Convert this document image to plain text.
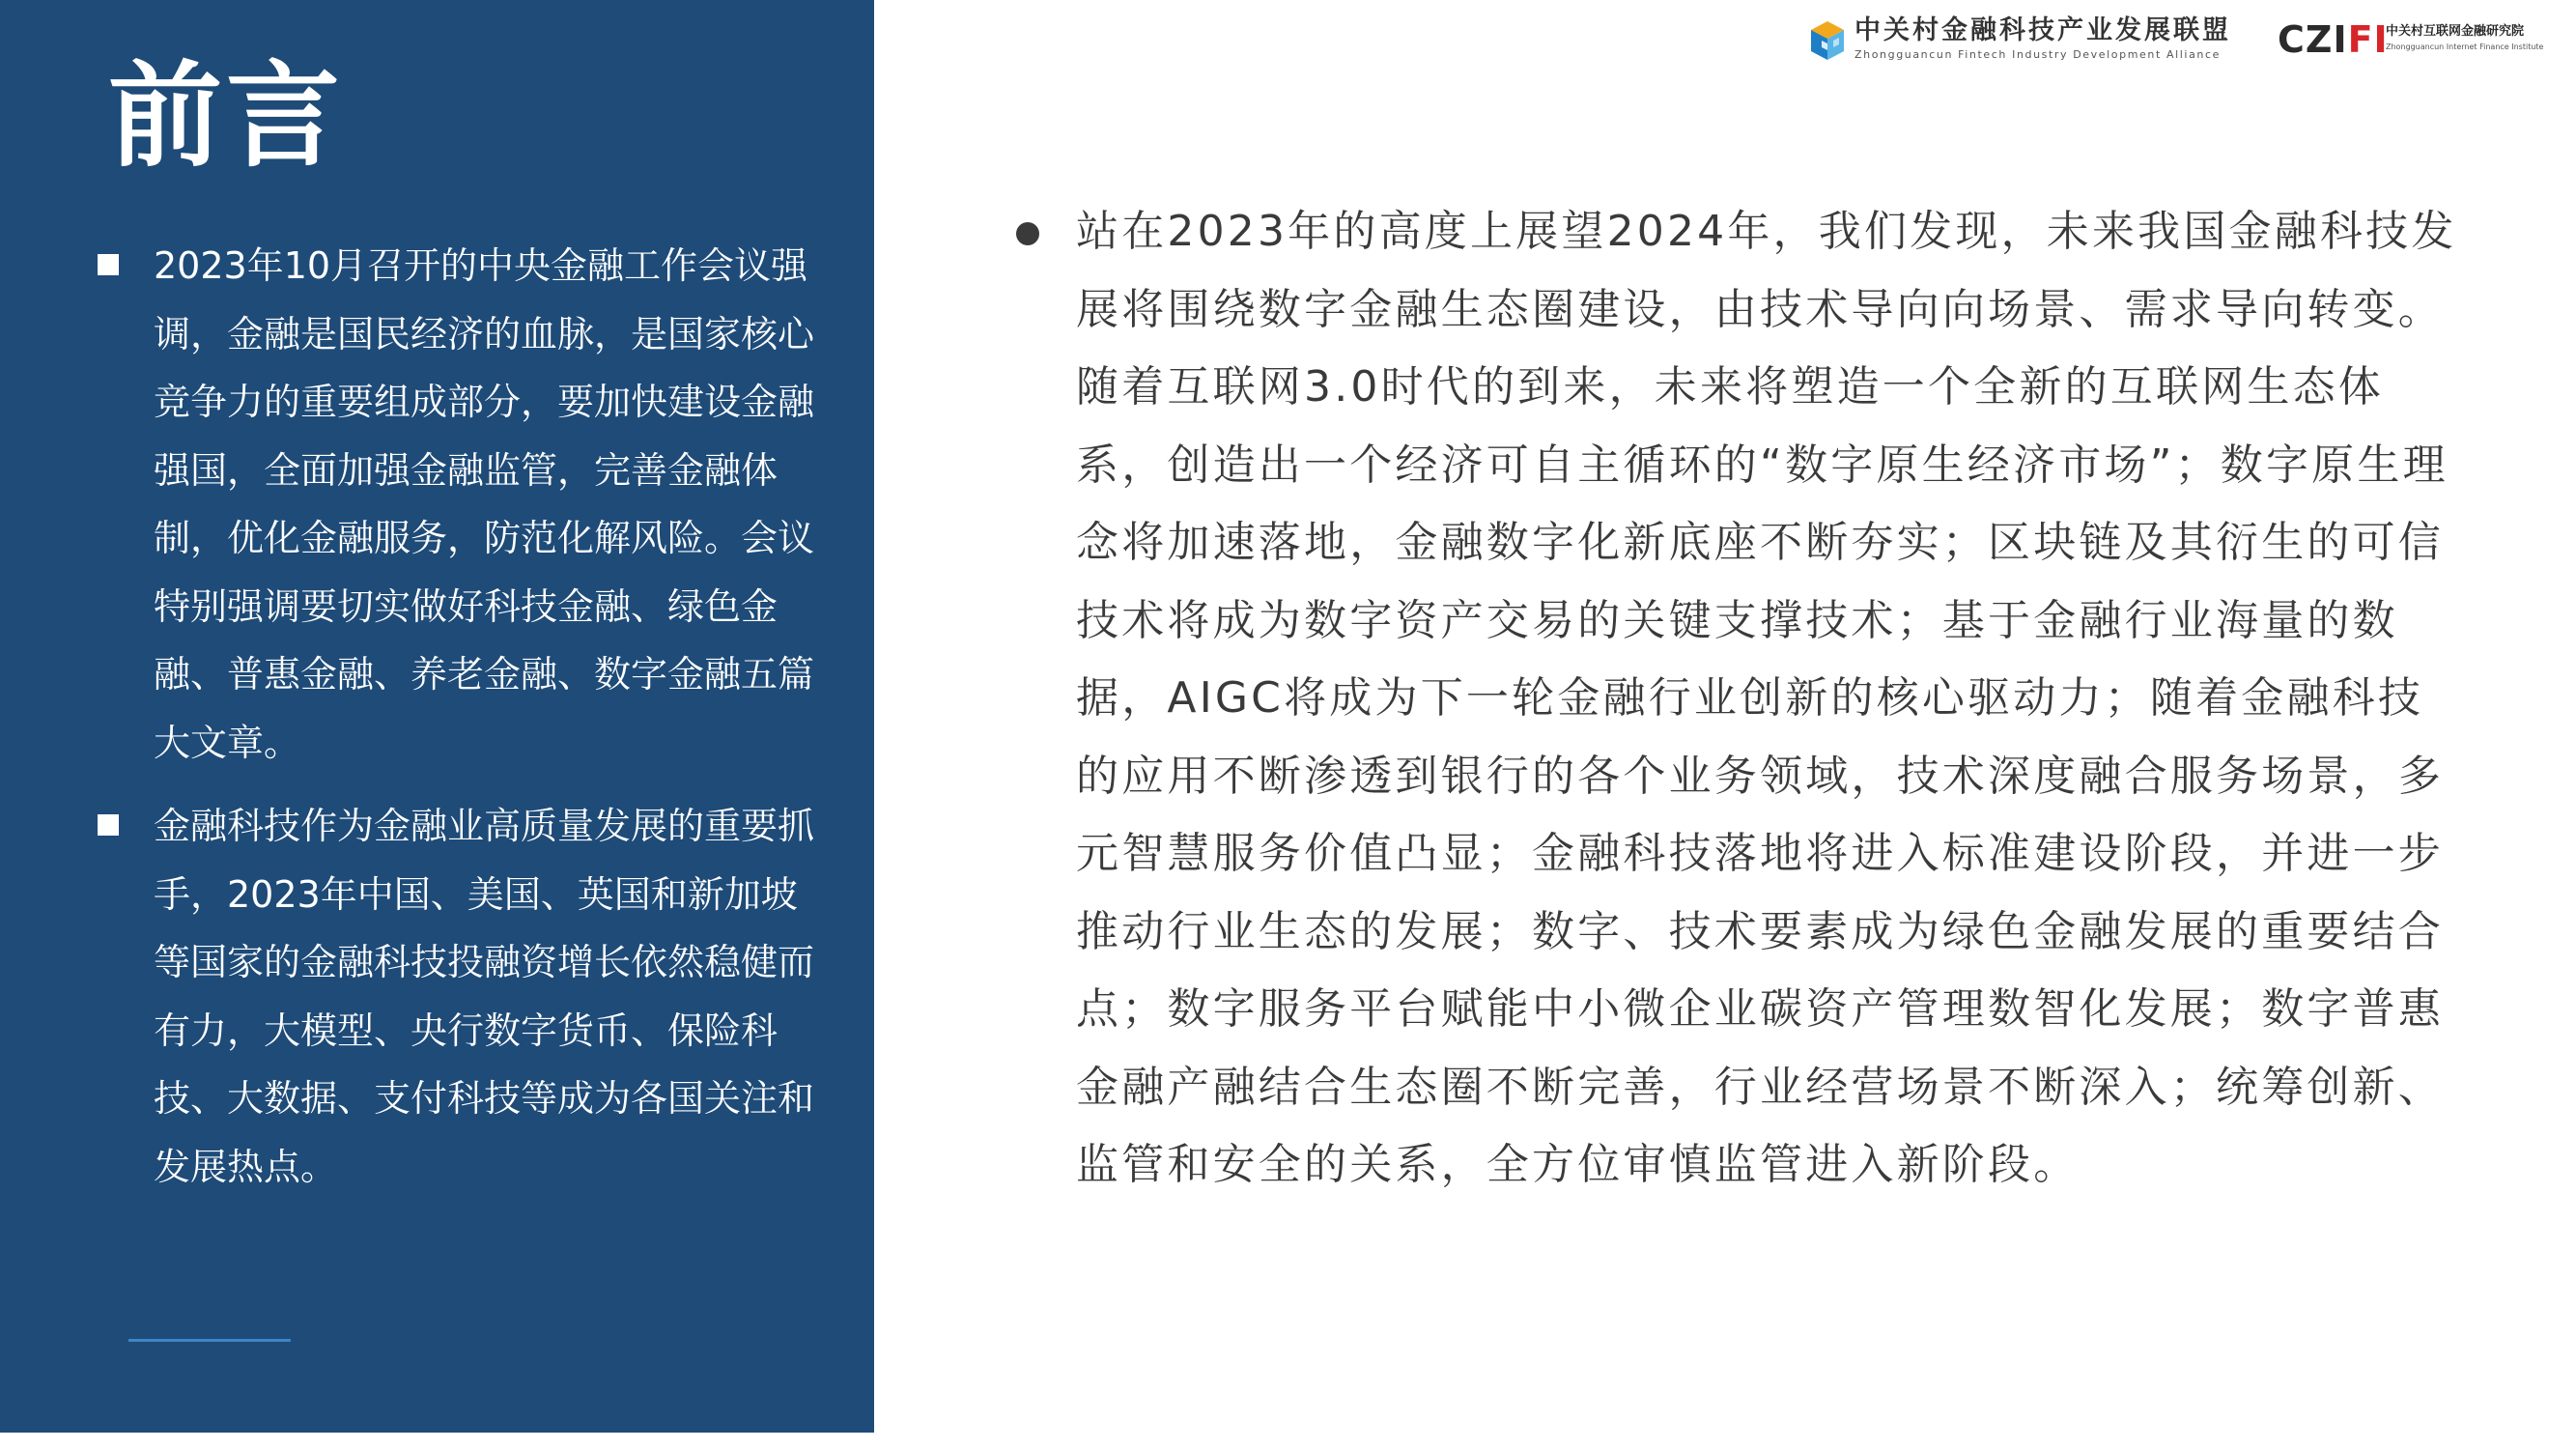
前言
2023年10月召开的中央金融工作会议强调，金融是国民经济的血脉，是国家核心竞争力的重要组成部分，要加快建设金融强国，全面加强金融监管，完善金融体制，优化金融服务，防范化解风险。会议特别强调要切实做好科技金融、绿色金融、普惠金融、养老金融、数字金融五篇大文章。
金融科技作为金融业高质量发展的重要抓手，2023年中国、美国、英国和新加坡等国家的金融科技投融资增长依然稳健而有力，大模型、央行数字货币、保险科技、大数据、支付科技等成为各国关注和发展热点。
中关村金融科技产业发展联盟
Zhongguancun Fintech Industry Development Alliance CZIFI
中关村互联网金融研究院
Zhongguancun Internet Finance Institute
站在2023年的高度上展望2024年，我们发现，未来我国金融科技发展将围绕数字金融生态圈建设，由技术导向向场景、需求导向转变。随着互联网3.0时代的到来，未来将塑造一个全新的互联网生态体系，创造出一个经济可自主循环的“数字原生经济市场”；数字原生理念将加速落地，金融数字化新底座不断夯实；区块链及其衍生的可信技术将成为数字资产交易的关键支撑技术；基于金融行业海量的数据，AIGC将成为下一轮金融行业创新的核心驱动力；随着金融科技的应用不断渗透到银行的各个业务领域，技术深度融合服务场景，多元智慧服务价值凸显；金融科技落地将进入标准建设阶段，并进一步推动行业生态的发展；数字、技术要素成为绿色金融发展的重要结合点；数字服务平台赋能中小微企业碳资产管理数智化发展；数字普惠金融产融结合生态圈不断完善，行业经营场景不断深入；统筹创新、监管和安全的关系，全方位审慎监管进入新阶段。
